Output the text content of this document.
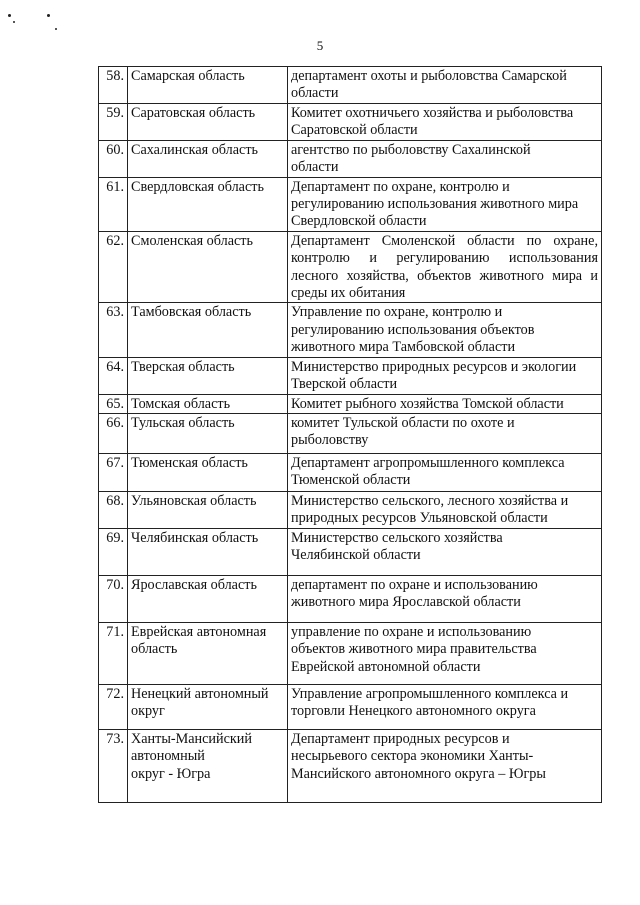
5
58.	Самарская область	департамент охоты и рыболовства Самарской
области
59.	Саратовская область	Комитет охотничьего хозяйства и рыболовства
Саратовской области
60.	Сахалинская область	агентство по рыболовству Сахалинской
области
61.	Свердловская область	Департамент по охране, контролю и
регулированию использования животного мира
Свердловской области
62.	Смоленская область	Департамент Смоленской области по охране, контролю и регулированию использования лесного хозяйства, объектов животного мира и среды их обитания
63.	Тамбовская область	Управление по охране, контролю и
регулированию использования объектов
животного мира Тамбовской области
64.	Тверская область	Министерство природных ресурсов и экологии
Тверской области
65.	Томская область	Комитет рыбного хозяйства Томской области
66.	Тульская область	комитет Тульской области по охоте и
рыболовству
67.	Тюменская область	Департамент агропромышленного комплекса
Тюменской области
68.	Ульяновская область	Министерство сельского, лесного хозяйства и
природных ресурсов Ульяновской области
69.	Челябинская область	Министерство сельского хозяйства
Челябинской области
70.	Ярославская область	департамент по охране и использованию
животного мира Ярославской области
71.	Еврейская автономная
область	управление по охране и использованию
объектов животного мира правительства
Еврейской автономной области
72.	Ненецкий автономный
округ	Управление агропромышленного комплекса и
торговли Ненецкого автономного округа
73.	Ханты-Мансийский
автономный
округ - Югра	Департамент природных ресурсов и
несырьевого сектора экономики Ханты-
Мансийского автономного округа – Югры
